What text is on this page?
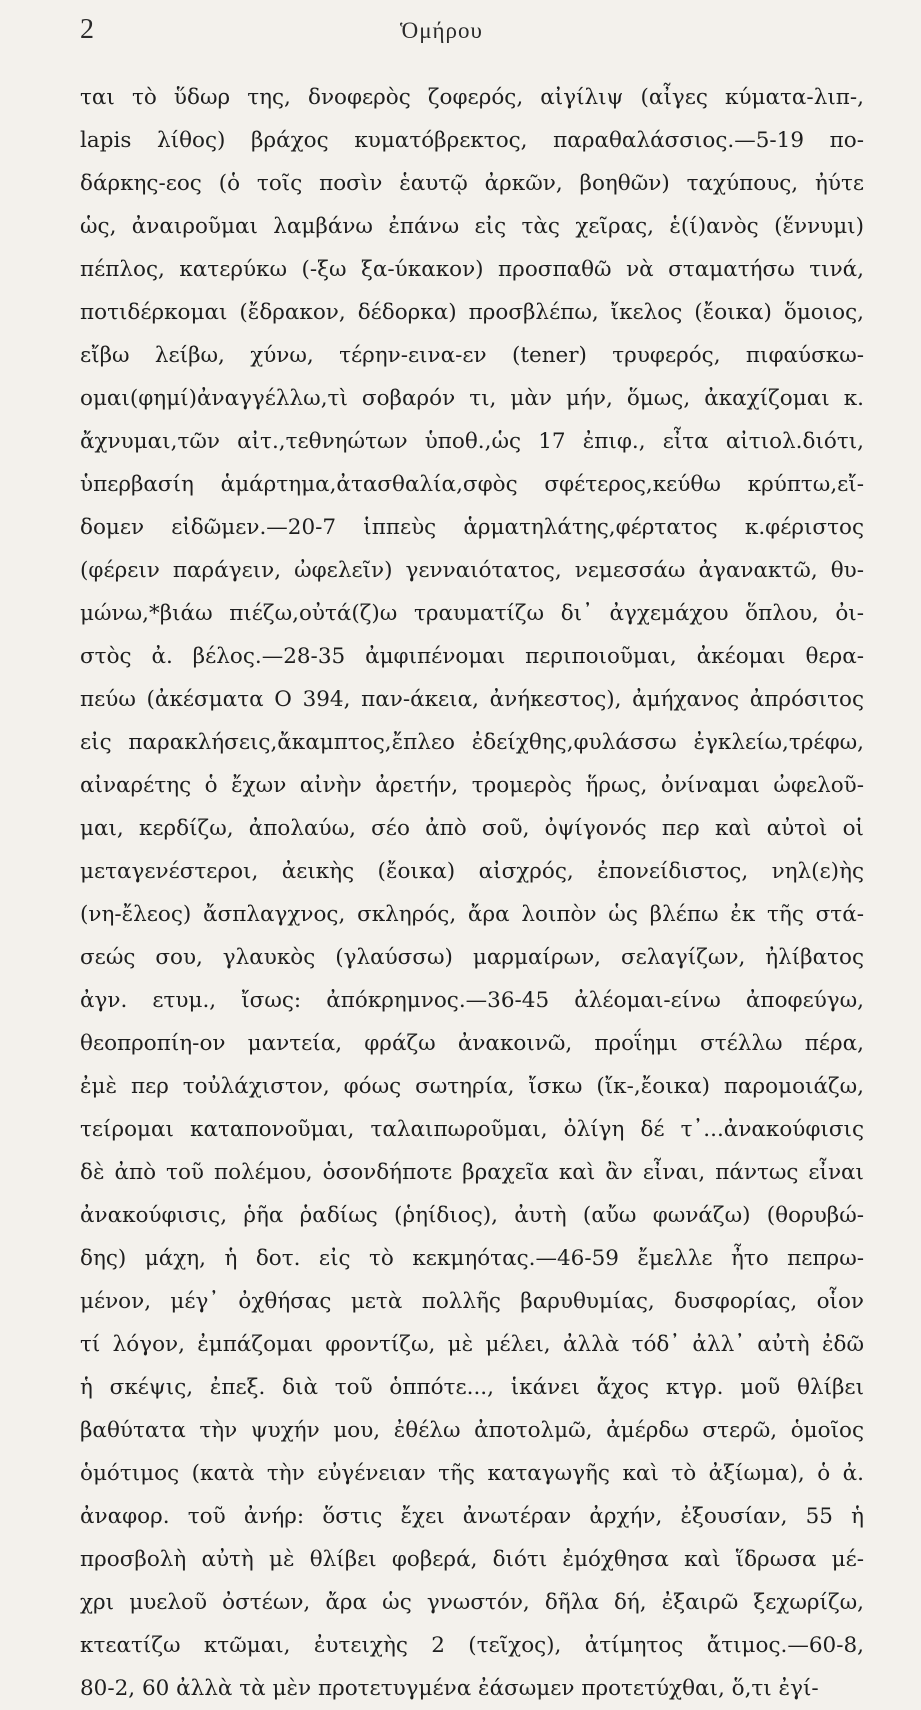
2	Ὁμήρου
ται τὸ ὕδωρ της, δνοφερὸς ζοφερός, αἰγίλιψ (αἶγες κύματα-λιπ-,
lapis λίθος) βράχος κυματόβρεκτος, παραθαλάσσιος.—5-19 πο-
δάρκης-εος (ὁ τοῖς ποσὶν ἑαυτῷ ἀρκῶν, βοηθῶν) ταχύπους, ἠύτε
ὡς, ἀναιροῦμαι λαμβάνω ἐπάνω εἰς τὰς χεῖρας, ἑ(ί)ανὸς (ἕννυμι)
πέπλος, κατερύκω (-ξω ξα-ύκακον) προσπαθῶ νὰ σταματήσω τινά,
ποτιδέρκομαι (ἔδρακον, δέδορκα) προσβλέπω, ἴκελος (ἔοικα) ὅμοιος,
εἴβω λείβω, χύνω, τέρην-εινα-εν (tener) τρυφερός, πιφαύσκω-
ομαι(φημί)ἀναγγέλλω,τὶ σοβαρόν τι, μὰν μήν, ὅμως, ἀκαχίζομαι κ.
ἄχνυμαι,τῶν αἰτ.,τεθνηώτων ὑποθ.,ὡς 17 ἐπιφ., εἶτα αἰτιολ.διότι,
ὑπερβασίη ἁμάρτημα,ἀτασθαλία,σφὸς σφέτερος,κεύθω κρύπτω,εἴ-
δομεν εἰδῶμεν.—20-7 ἱππεὺς ἁρματηλάτης,φέρτατος κ.φέριστος
(φέρειν παράγειν, ὠφελεῖν) γενναιότατος, νεμεσσάω ἀγανακτῶ, θυ-
μώνω,*βιάω πιέζω,οὐτά(ζ)ω τραυματίζω δι᾽ ἀγχεμάχου ὅπλου, ὀι-
στὸς ἀ. βέλος.—28-35 ἀμφιπένομαι περιποιοῦμαι, ἀκέομαι θερα-
πεύω (ἀκέσματα Ο 394, παν-άκεια, ἀνήκεστος), ἀμήχανος ἀπρόσιτος
εἰς παρακλήσεις,ἄκαμπτος,ἔπλεο ἐδείχθης,φυλάσσω ἐγκλείω,τρέφω,
αἰναρέτης ὁ ἔχων αἰνὴν ἀρετήν, τρομερὸς ἥρως, ὀνίναμαι ὠφελοῦ-
μαι, κερδίζω, ἀπολαύω, σέο ἀπὸ σοῦ, ὀψίγονός περ καὶ αὐτοὶ οἱ
μεταγενέστεροι, ἀεικὴς (ἔοικα) αἰσχρός, ἐπονείδιστος, νηλ(ε)ὴς
(νη-ἔλεος) ἄσπλαγχνος, σκληρός, ἄρα λοιπὸν ὡς βλέπω ἐκ τῆς στά-
σεώς σου, γλαυκὸς (γλαύσσω) μαρμαίρων, σελαγίζων, ἠλίβατος
ἀγν. ετυμ., ἴσως: ἀπόκρημνος.—36-45 ἀλέομαι-είνω ἀποφεύγω,
θεοπροπίη-ον μαντεία, φράζω ἀνακοινῶ, προΐημι στέλλω πέρα,
ἐμὲ περ τοὐλάχιστον, φόως σωτηρία, ἴσκω (ἴκ-,ἔοικα) παρομοιάζω,
τείρομαι καταπονοῦμαι, ταλαιπωροῦμαι, ὀλίγη δέ τ᾽...ἀνακούφισις
δὲ ἀπὸ τοῦ πολέμου, ὁσονδήποτε βραχεῖα καὶ ἂν εἶναι, πάντως εἶναι
ἀνακούφισις, ῥῆα ῥαδίως (ῥηίδιος), ἀυτὴ (αὔω φωνάζω) (θορυβώ-
δης) μάχη, ἡ δοτ. εἰς τὸ κεκμηότας.—46-59 ἔμελλε ἦτο πεπρω-
μένον, μέγ᾽ ὀχθήσας μετὰ πολλῆς βαρυθυμίας, δυσφορίας, οἷον
τί λόγον, ἐμπάζομαι φροντίζω, μὲ μέλει, ἀλλὰ τόδ᾽ ἀλλ᾽ αὐτὴ ἐδῶ
ἡ σκέψις, ἐπεξ. διὰ τοῦ ὁππότε..., ἱκάνει ἄχος κτγρ. μοῦ θλίβει
βαθύτατα τὴν ψυχήν μου, ἐθέλω ἀποτολμῶ, ἀμέρδω στερῶ, ὁμοῖος
ὁμότιμος (κατὰ τὴν εὐγένειαν τῆς καταγωγῆς καὶ τὸ ἀξίωμα), ὁ ἀ.
ἀναφορ. τοῦ ἀνήρ: ὅστις ἔχει ἀνωτέραν ἀρχήν, ἐξουσίαν, 55 ἡ
προσβολὴ αὐτὴ μὲ θλίβει φοβερά, διότι ἐμόχθησα καὶ ἵδρωσα μέ-
χρι μυελοῦ ὀστέων, ἄρα ὡς γνωστόν, δῆλα δή, ἐξαιρῶ ξεχωρίζω,
κτεατίζω κτῶμαι, ἐυτειχὴς 2 (τεῖχος), ἀτίμητος ἄτιμος.—60-8,
80-2, 60 ἀλλὰ τὰ μὲν προτετυγμένα ἐάσωμεν προτετύχθαι, ὅ,τι ἐγί-
